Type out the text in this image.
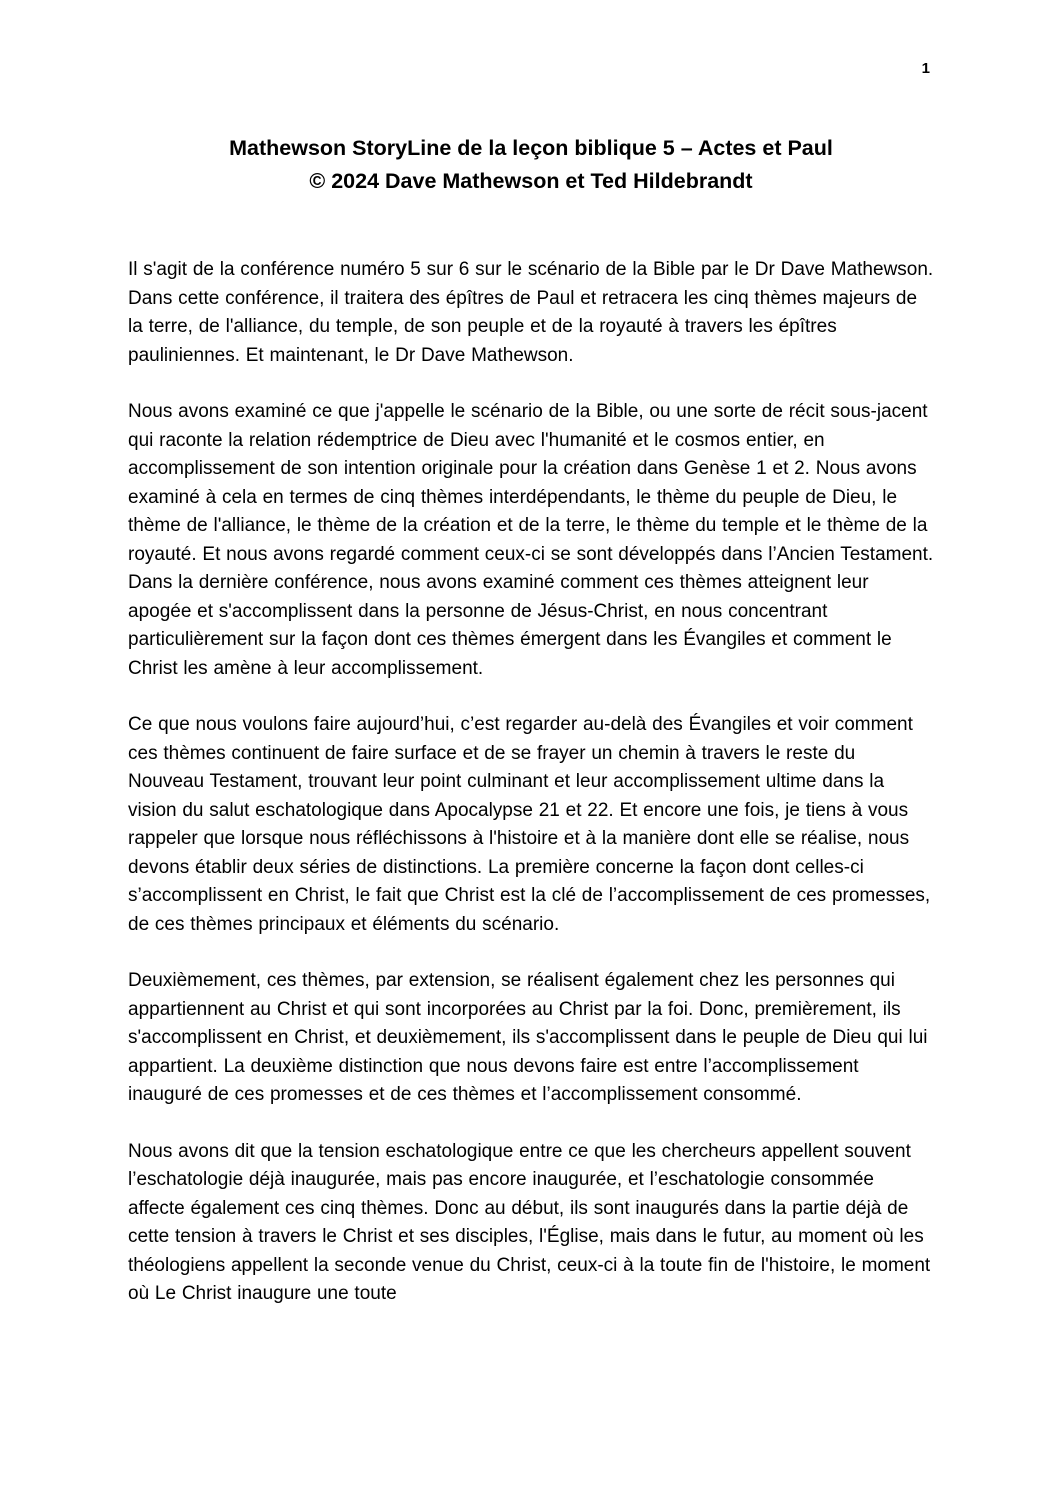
1
Mathewson StoryLine de la leçon biblique 5 – Actes et Paul
© 2024 Dave Mathewson et Ted Hildebrandt

Il s'agit de la conférence numéro 5 sur 6 sur le scénario de la Bible par le Dr Dave Mathewson. Dans cette conférence, il traitera des épîtres de Paul et retracera les cinq thèmes majeurs de la terre, de l'alliance, du temple, de son peuple et de la royauté à travers les épîtres pauliniennes. Et maintenant, le Dr Dave Mathewson.

Nous avons examiné ce que j'appelle le scénario de la Bible, ou une sorte de récit sous-jacent qui raconte la relation rédemptrice de Dieu avec l'humanité et le cosmos entier, en accomplissement de son intention originale pour la création dans Genèse 1 et 2. Nous avons examiné à cela en termes de cinq thèmes interdépendants, le thème du peuple de Dieu, le thème de l'alliance, le thème de la création et de la terre, le thème du temple et le thème de la royauté. Et nous avons regardé comment ceux-ci se sont développés dans l’Ancien Testament. Dans la dernière conférence, nous avons examiné comment ces thèmes atteignent leur apogée et s'accomplissent dans la personne de Jésus-Christ, en nous concentrant particulièrement sur la façon dont ces thèmes émergent dans les Évangiles et comment le Christ les amène à leur accomplissement.

Ce que nous voulons faire aujourd’hui, c’est regarder au-delà des Évangiles et voir comment ces thèmes continuent de faire surface et de se frayer un chemin à travers le reste du Nouveau Testament, trouvant leur point culminant et leur accomplissement ultime dans la vision du salut eschatologique dans Apocalypse 21 et 22. Et encore une fois, je tiens à vous rappeler que lorsque nous réfléchissons à l'histoire et à la manière dont elle se réalise, nous devons établir deux séries de distinctions. La première concerne la façon dont celles-ci s’accomplissent en Christ, le fait que Christ est la clé de l’accomplissement de ces promesses, de ces thèmes principaux et éléments du scénario.

Deuxièmement, ces thèmes, par extension, se réalisent également chez les personnes qui appartiennent au Christ et qui sont incorporées au Christ par la foi. Donc, premièrement, ils s'accomplissent en Christ, et deuxièmement, ils s'accomplissent dans le peuple de Dieu qui lui appartient. La deuxième distinction que nous devons faire est entre l’accomplissement inauguré de ces promesses et de ces thèmes et l’accomplissement consommé.

Nous avons dit que la tension eschatologique entre ce que les chercheurs appellent souvent l’eschatologie déjà inaugurée, mais pas encore inaugurée, et l’eschatologie consommée affecte également ces cinq thèmes. Donc au début, ils sont inaugurés dans la partie déjà de cette tension à travers le Christ et ses disciples, l'Église, mais dans le futur, au moment où les théologiens appellent la seconde venue du Christ, ceux-ci à la toute fin de l'histoire, le moment où Le Christ inaugure une toute
